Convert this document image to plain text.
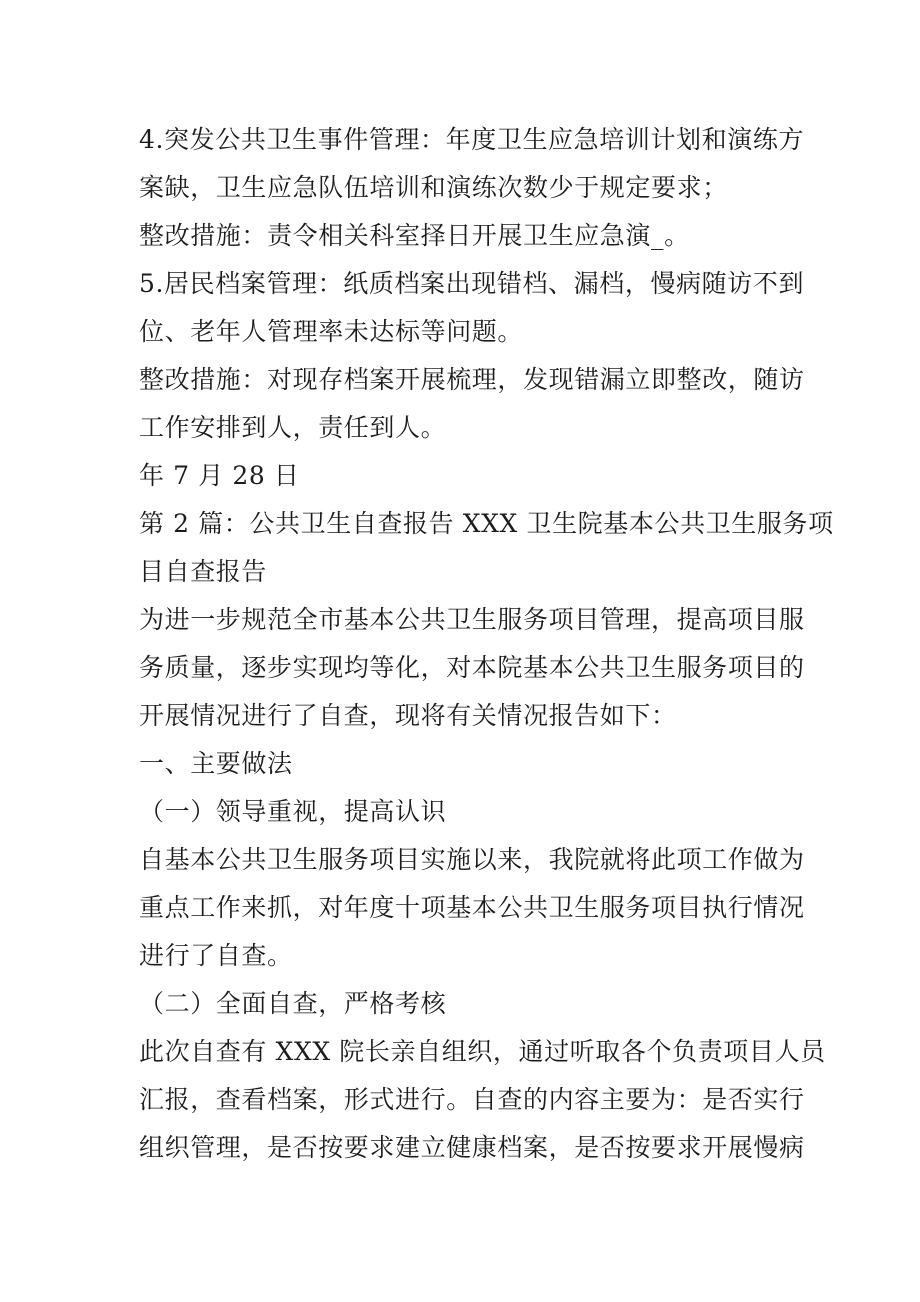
4.突发公共卫生事件管理：年度卫生应急培训计划和演练方
案缺，卫生应急队伍培训和演练次数少于规定要求；
整改措施：责令相关科室择日开展卫生应急演_。
5.居民档案管理：纸质档案出现错档、漏档，慢病随访不到
位、老年人管理率未达标等问题。
整改措施：对现存档案开展梳理，发现错漏立即整改，随访
工作安排到人，责任到人。
年 7 月 28 日
第 2 篇：公共卫生自查报告 XXX 卫生院基本公共卫生服务项
目自查报告
为进一步规范全市基本公共卫生服务项目管理，提高项目服
务质量，逐步实现均等化，对本院基本公共卫生服务项目的
开展情况进行了自查，现将有关情况报告如下：
一、主要做法
（一）领导重视，提高认识
自基本公共卫生服务项目实施以来，我院就将此项工作做为
重点工作来抓，对年度十项基本公共卫生服务项目执行情况
进行了自查。
（二）全面自查，严格考核
此次自查有 XXX 院长亲自组织，通过听取各个负责项目人员
汇报，查看档案，形式进行。自查的内容主要为：是否实行
组织管理，是否按要求建立健康档案，是否按要求开展慢病
